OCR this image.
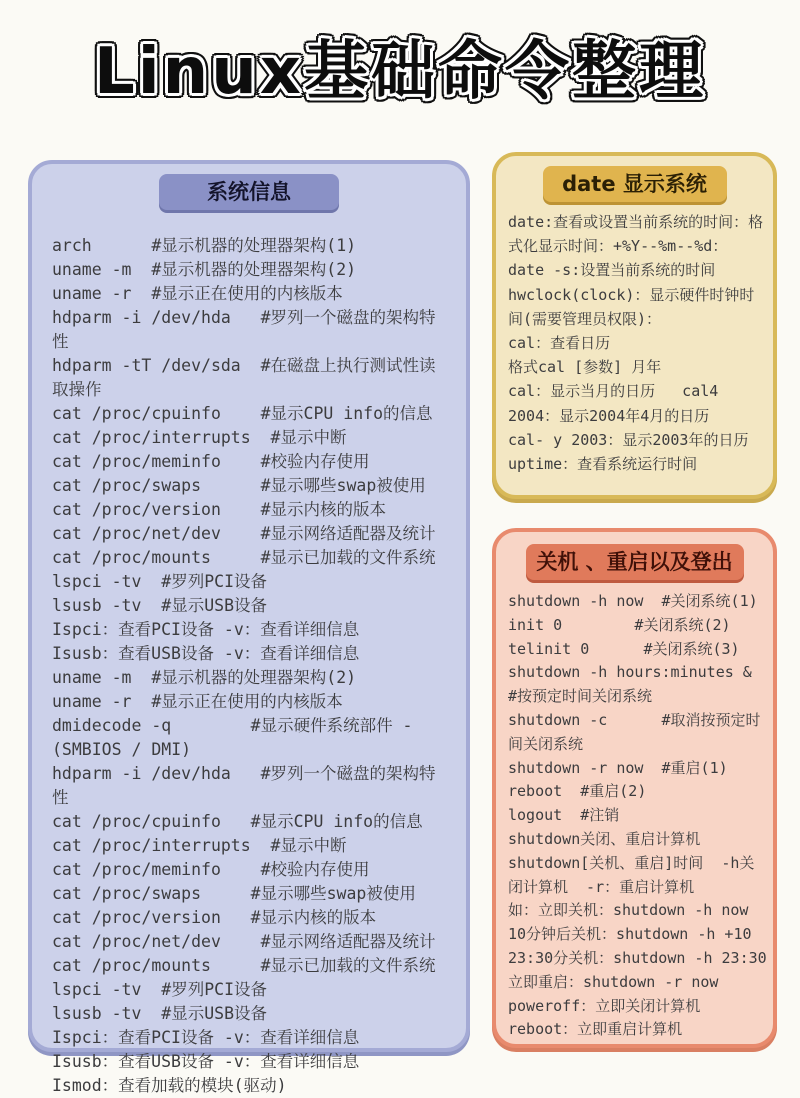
Linux基础命令整理
系统信息
arch      #显示机器的处理器架构(1)
uname -m  #显示机器的处理器架构(2)
uname -r  #显示正在使用的内核版本
hdparm -i /dev/hda   #罗列一个磁盘的架构特性
hdparm -tT /dev/sda  #在磁盘上执行测试性读取操作
cat /proc/cpuinfo    #显示CPU info的信息
cat /proc/interrupts  #显示中断
cat /proc/meminfo    #校验内存使用
cat /proc/swaps      #显示哪些swap被使用
cat /proc/version    #显示内核的版本
cat /proc/net/dev    #显示网络适配器及统计
cat /proc/mounts     #显示已加载的文件系统
lspci -tv  #罗列PCI设备
lsusb -tv  #显示USB设备
Ispci：查看PCI设备 -v：查看详细信息
Isusb：查看USB设备 -v：查看详细信息
uname -m  #显示机器的处理器架构(2)
uname -r  #显示正在使用的内核版本
dmidecode -q        #显示硬件系统部件 - (SMBIOS / DMI)
hdparm -i /dev/hda   #罗列一个磁盘的架构特性
cat /proc/cpuinfo   #显示CPU info的信息
cat /proc/interrupts  #显示中断
cat /proc/meminfo    #校验内存使用
cat /proc/swaps     #显示哪些swap被使用
cat /proc/version   #显示内核的版本
cat /proc/net/dev    #显示网络适配器及统计
cat /proc/mounts     #显示已加载的文件系统
lspci -tv  #罗列PCI设备
lsusb -tv  #显示USB设备
Ispci：查看PCI设备 -v：查看详细信息
Isusb：查看USB设备 -v：查看详细信息
Ismod：查看加载的模块(驱动)
date 显示系统
date:查看或设置当前系统的时间：格式化显示时间：+%Y--%m--%d：
date -s:设置当前系统的时间
hwclock(clock)：显示硬件时钟时间(需要管理员权限)：
cal：查看日历
格式cal [参数] 月年
cal：显示当月的日历   cal4 2004：显示2004年4月的日历
cal- y 2003：显示2003年的日历
uptime：查看系统运行时间
关机 、重启以及登出
shutdown -h now  #关闭系统(1)
init 0        #关闭系统(2)
telinit 0      #关闭系统(3)
shutdown -h hours:minutes &  #按预定时间关闭系统
shutdown -c      #取消按预定时间关闭系统
shutdown -r now  #重启(1)
reboot  #重启(2)
logout  #注销
shutdown关闭、重启计算机
shutdown[关机、重启]时间  -h关闭计算机  -r：重启计算机
如：立即关机：shutdown -h now
10分钟后关机：shutdown -h +10
23:30分关机：shutdown -h 23:30
立即重启：shutdown -r now
poweroff：立即关闭计算机
reboot：立即重启计算机
